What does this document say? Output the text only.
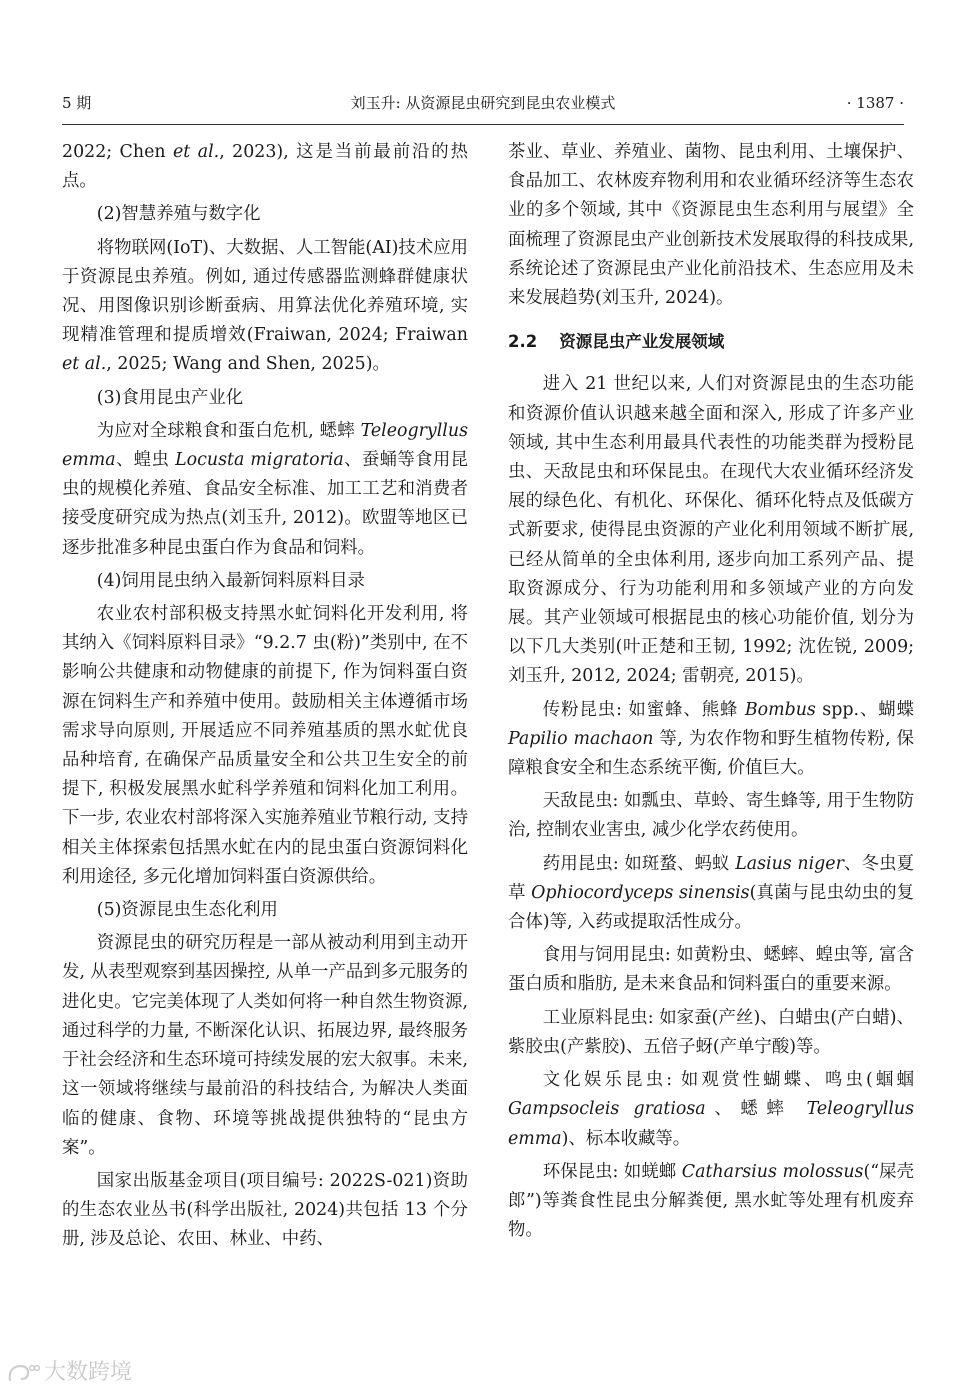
5 期	刘玉升: 从资源昆虫研究到昆虫农业模式	· 1387 ·

2022; Chen et al., 2023), 这是当前最前沿的热点。

(2)智慧养殖与数字化

将物联网(IoT)、大数据、人工智能(AI)技术应用于资源昆虫养殖。例如, 通过传感器监测蜂群健康状况、用图像识别诊断蚕病、用算法优化养殖环境, 实现精准管理和提质增效(Fraiwan, 2024; Fraiwan et al., 2025; Wang and Shen, 2025)。

(3)食用昆虫产业化

为应对全球粮食和蛋白危机, 蟋蟀 Teleogryllus emma、蝗虫 Locusta migratoria、蚕蛹等食用昆虫的规模化养殖、食品安全标准、加工工艺和消费者接受度研究成为热点(刘玉升, 2012)。欧盟等地区已逐步批准多种昆虫蛋白作为食品和饲料。

(4)饲用昆虫纳入最新饲料原料目录

农业农村部积极支持黑水虻饲料化开发利用, 将其纳入《饲料原料目录》“9.2.7 虫(粉)”类别中, 在不影响公共健康和动物健康的前提下, 作为饲料蛋白资源在饲料生产和养殖中使用。鼓励相关主体遵循市场需求导向原则, 开展适应不同养殖基质的黑水虻优良品种培育, 在确保产品质量安全和公共卫生安全的前提下, 积极发展黑水虻科学养殖和饲料化加工利用。下一步, 农业农村部将深入实施养殖业节粮行动, 支持相关主体探索包括黑水虻在内的昆虫蛋白资源饲料化利用途径, 多元化增加饲料蛋白资源供给。

(5)资源昆虫生态化利用

资源昆虫的研究历程是一部从被动利用到主动开发, 从表型观察到基因操控, 从单一产品到多元服务的进化史。它完美体现了人类如何将一种自然生物资源, 通过科学的力量, 不断深化认识、拓展边界, 最终服务于社会经济和生态环境可持续发展的宏大叙事。未来, 这一领域将继续与最前沿的科技结合, 为解决人类面临的健康、食物、环境等挑战提供独特的“昆虫方案”。

国家出版基金项目(项目编号: 2022S-021)资助的生态农业丛书(科学出版社, 2024)共包括 13 个分册, 涉及总论、农田、林业、中药、

茶业、草业、养殖业、菌物、昆虫利用、土壤保护、食品加工、农林废弃物利用和农业循环经济等生态农业的多个领域, 其中《资源昆虫生态利用与展望》全面梳理了资源昆虫产业创新技术发展取得的科技成果, 系统论述了资源昆虫产业化前沿技术、生态应用及未来发展趋势(刘玉升, 2024)。

2.2 资源昆虫产业发展领域

进入 21 世纪以来, 人们对资源昆虫的生态功能和资源价值认识越来越全面和深入, 形成了许多产业领域, 其中生态利用最具代表性的功能类群为授粉昆虫、天敌昆虫和环保昆虫。在现代大农业循环经济发展的绿色化、有机化、环保化、循环化特点及低碳方式新要求, 使得昆虫资源的产业化利用领域不断扩展, 已经从简单的全虫体利用, 逐步向加工系列产品、提取资源成分、行为功能利用和多领域产业的方向发展。其产业领域可根据昆虫的核心功能价值, 划分为以下几大类别(叶正楚和王韧, 1992; 沈佐锐, 2009; 刘玉升, 2012, 2024; 雷朝亮, 2015)。

传粉昆虫: 如蜜蜂、熊蜂 Bombus spp.、蝴蝶 Papilio machaon 等, 为农作物和野生植物传粉, 保障粮食安全和生态系统平衡, 价值巨大。

天敌昆虫: 如瓢虫、草蛉、寄生蜂等, 用于生物防治, 控制农业害虫, 减少化学农药使用。

药用昆虫: 如斑蝥、蚂蚁 Lasius niger、冬虫夏草 Ophiocordyceps sinensis(真菌与昆虫幼虫的复合体)等, 入药或提取活性成分。

食用与饲用昆虫: 如黄粉虫、蟋蟀、蝗虫等, 富含蛋白质和脂肪, 是未来食品和饲料蛋白的重要来源。

工业原料昆虫: 如家蚕(产丝)、白蜡虫(产白蜡)、紫胶虫(产紫胶)、五倍子蚜(产单宁酸)等。

文化娱乐昆虫: 如观赏性蝴蝶、鸣虫(蝈蝈 Gampsocleis gratiosa、蟋蟀 Teleogryllus emma)、标本收藏等。

环保昆虫: 如蜣螂 Catharsius molossus(“屎壳郎”)等粪食性昆虫分解粪便, 黑水虻等处理有机废弃物。

大数跨境
